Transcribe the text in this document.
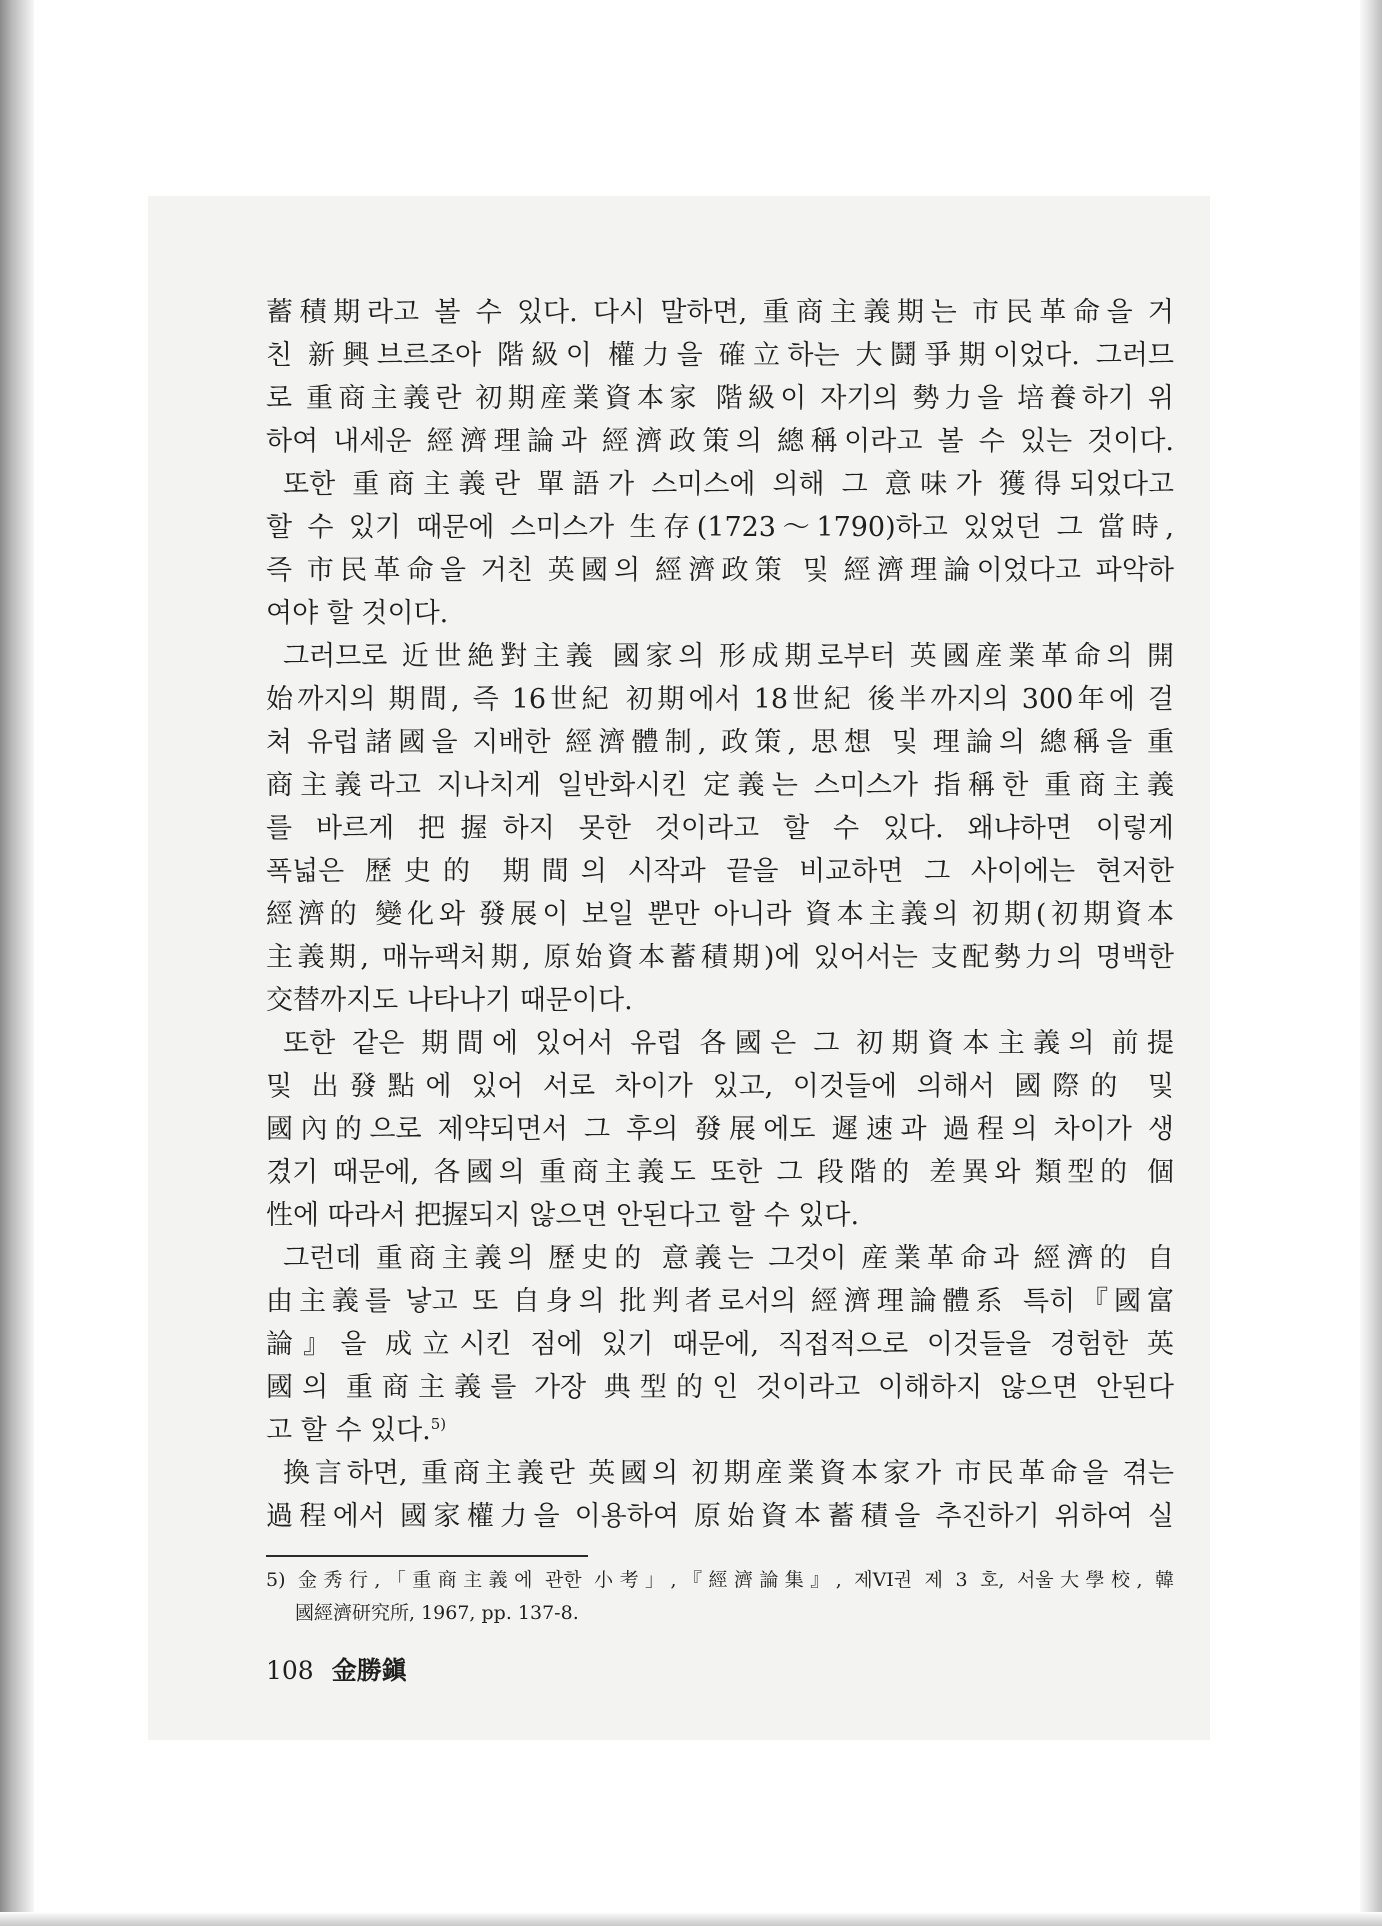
蓄積期라고 볼 수 있다. 다시 말하면, 重商主義期는 市民革命을 거
친 新興브르조아 階級이 權力을 確立하는 大鬪爭期이었다. 그러므
로 重商主義란 初期産業資本家 階級이 자기의 勢力을 培養하기 위
하여 내세운 經濟理論과 經濟政策의 總稱이라고 볼 수 있는 것이다.
또한 重商主義란 單語가 스미스에 의해 그 意味가 獲得되었다고
할 수 있기 때문에 스미스가 生存(1723～1790)하고 있었던 그 當時,
즉 市民革命을 거친 英國의 經濟政策 및 經濟理論이었다고 파악하
여야 할 것이다.
그러므로 近世絶對主義 國家의 形成期로부터 英國産業革命의 開
始까지의 期間, 즉 16世紀 初期에서 18世紀 後半까지의 300年에 걸
쳐 유럽諸國을 지배한 經濟體制, 政策, 思想 및 理論의 總稱을 重
商主義라고 지나치게 일반화시킨 定義는 스미스가 指稱한 重商主義
를 바르게 把握하지 못한 것이라고 할 수 있다. 왜냐하면 이렇게
폭넓은 歷史的 期間의 시작과 끝을 비교하면 그 사이에는 현저한
經濟的 變化와 發展이 보일 뿐만 아니라 資本主義의 初期(初期資本
主義期, 매뉴팩처期, 原始資本蓄積期)에 있어서는 支配勢力의 명백한
交替까지도 나타나기 때문이다.
또한 같은 期間에 있어서 유럽 各國은 그 初期資本主義의 前提
및 出發點에 있어 서로 차이가 있고, 이것들에 의해서 國際的 및
國內的으로 제약되면서 그 후의 發展에도 遲速과 過程의 차이가 생
겼기 때문에, 各國의 重商主義도 또한 그 段階的 差異와 類型的 個
性에 따라서 把握되지 않으면 안된다고 할 수 있다.
그런데 重商主義의 歷史的 意義는 그것이 産業革命과 經濟的 自
由主義를 낳고 또 自身의 批判者로서의 經濟理論體系 특히『國富
論』을 成立시킨 점에 있기 때문에, 직접적으로 이것들을 경험한 英
國의 重商主義를 가장 典型的인 것이라고 이해하지 않으면 안된다
고 할 수 있다.$^{5)}$
換言하면, 重商主義란 英國의 初期産業資本家가 市民革命을 겪는
過程에서 國家權力을 이용하여 原始資本蓄積을 추진하기 위하여 실
5) 金秀行,「重商主義에 관한 小考」,『經濟論集』, 제VI권 제 3 호, 서울大學校, 韓
國經濟研究所, 1967, pp. 137-8.
108 金勝鎭
